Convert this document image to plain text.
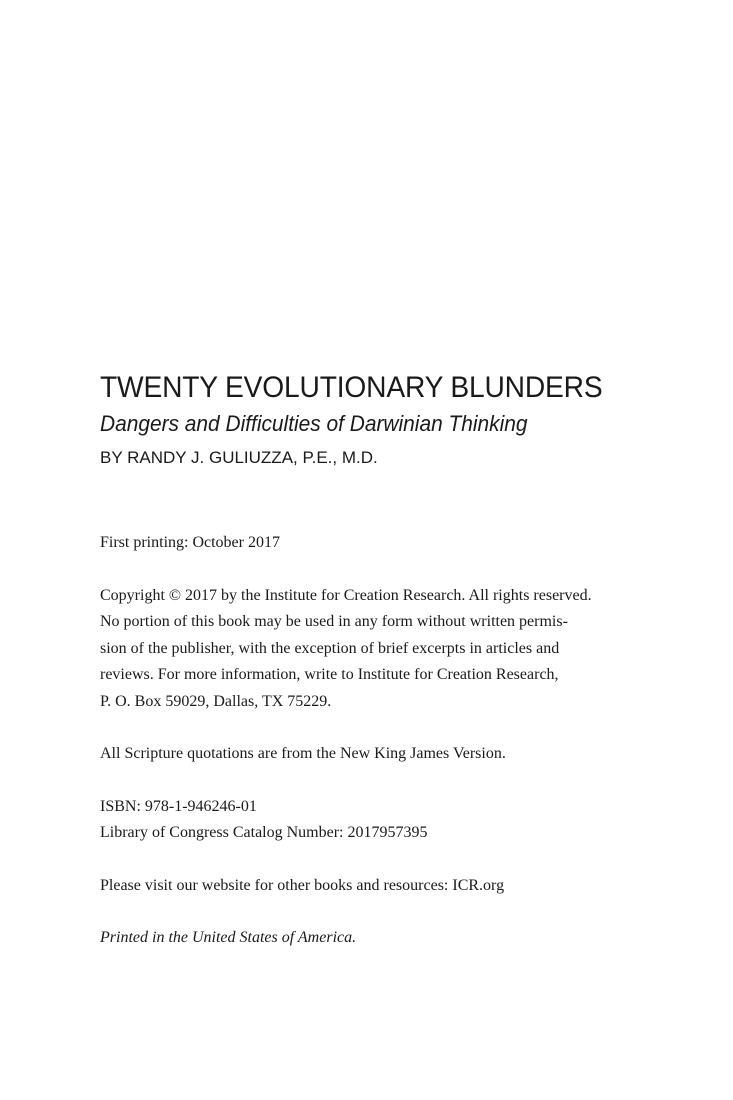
TWENTY EVOLUTIONARY BLUNDERS

Dangers and Difficulties of Darwinian Thinking

BY RANDY J. GULIUZZA, P.E., M.D.

First printing: October 2017

Copyright © 2017 by the Institute for Creation Research. All rights reserved.
No portion of this book may be used in any form without written permis-
sion of the publisher, with the exception of brief excerpts in articles and
reviews. For more information, write to Institute for Creation Research,
P. O. Box 59029, Dallas, TX 75229.

All Scripture quotations are from the New King James Version.

ISBN: 978-1-946246-01

Library of Congress Catalog Number: 2017957395

Please visit our website for other books and resources: ICR.org

Printed in the United States of America.
